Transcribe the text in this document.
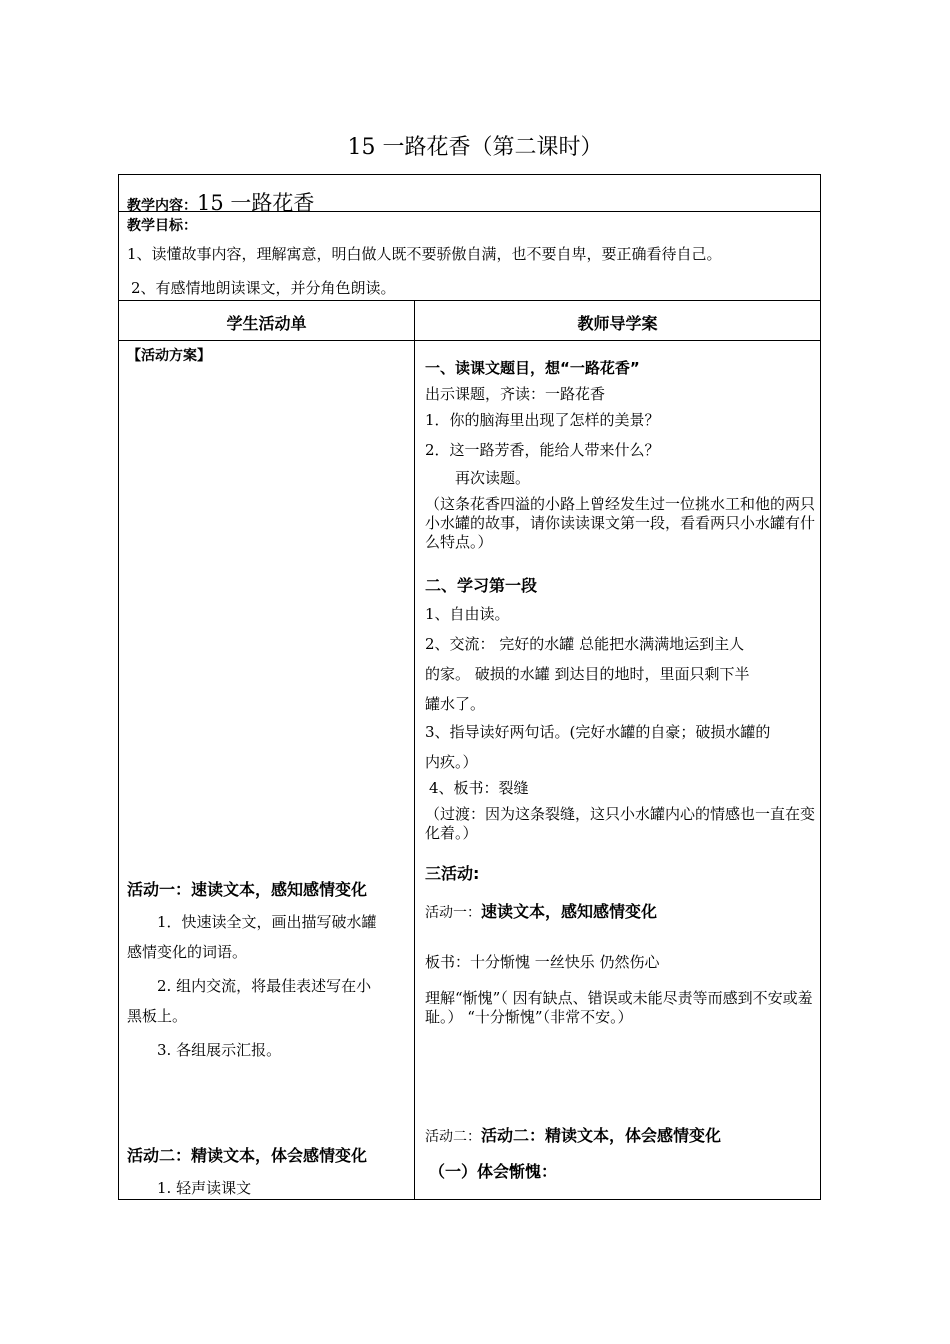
15 一路花香（第二课时）
教学内容：15 一路花香
教学目标：
1、读懂故事内容，理解寓意，明白做人既不要骄傲自满，也不要自卑，要正确看待自己。
2、有感情地朗读课文，并分角色朗读。
学生活动单	教师导学案
【活动方案】
活动一：速读文本，感知感情变化
1．快速读全文，画出描写破水罐
感情变化的词语。
2. 组内交流，将最佳表述写在小
黑板上。
3. 各组展示汇报。
活动二：精读文本，体会感情变化
1. 轻声读课文
一、读课文题目，想“一路花香”
出示课题，齐读：一路花香
1．你的脑海里出现了怎样的美景？
2．这一路芳香，能给人带来什么？
再次读题。
（这条花香四溢的小路上曾经发生过一位挑水工和他的两只小水罐的故事，请你读读课文第一段，看看两只小水罐有什么特点。）
二、学习第一段
1、自由读。
2、交流： 完好的水罐 总能把水满满地运到主人
的家。 破损的水罐 到达目的地时，里面只剩下半
罐水了。
3、指导读好两句话。(完好水罐的自豪；破损水罐的
内疚。）
4、板书：裂缝
（过渡：因为这条裂缝，这只小水罐内心的情感也一直在变化着。）
三活动:
活动一：速读文本，感知感情变化
板书：十分惭愧 一丝快乐 仍然伤心
理解“惭愧”（ 因有缺点、错误或未能尽责等而感到不安或羞耻。） “十分惭愧”（非常不安。）
活动二：活动二：精读文本，体会感情变化
（一）体会惭愧：
